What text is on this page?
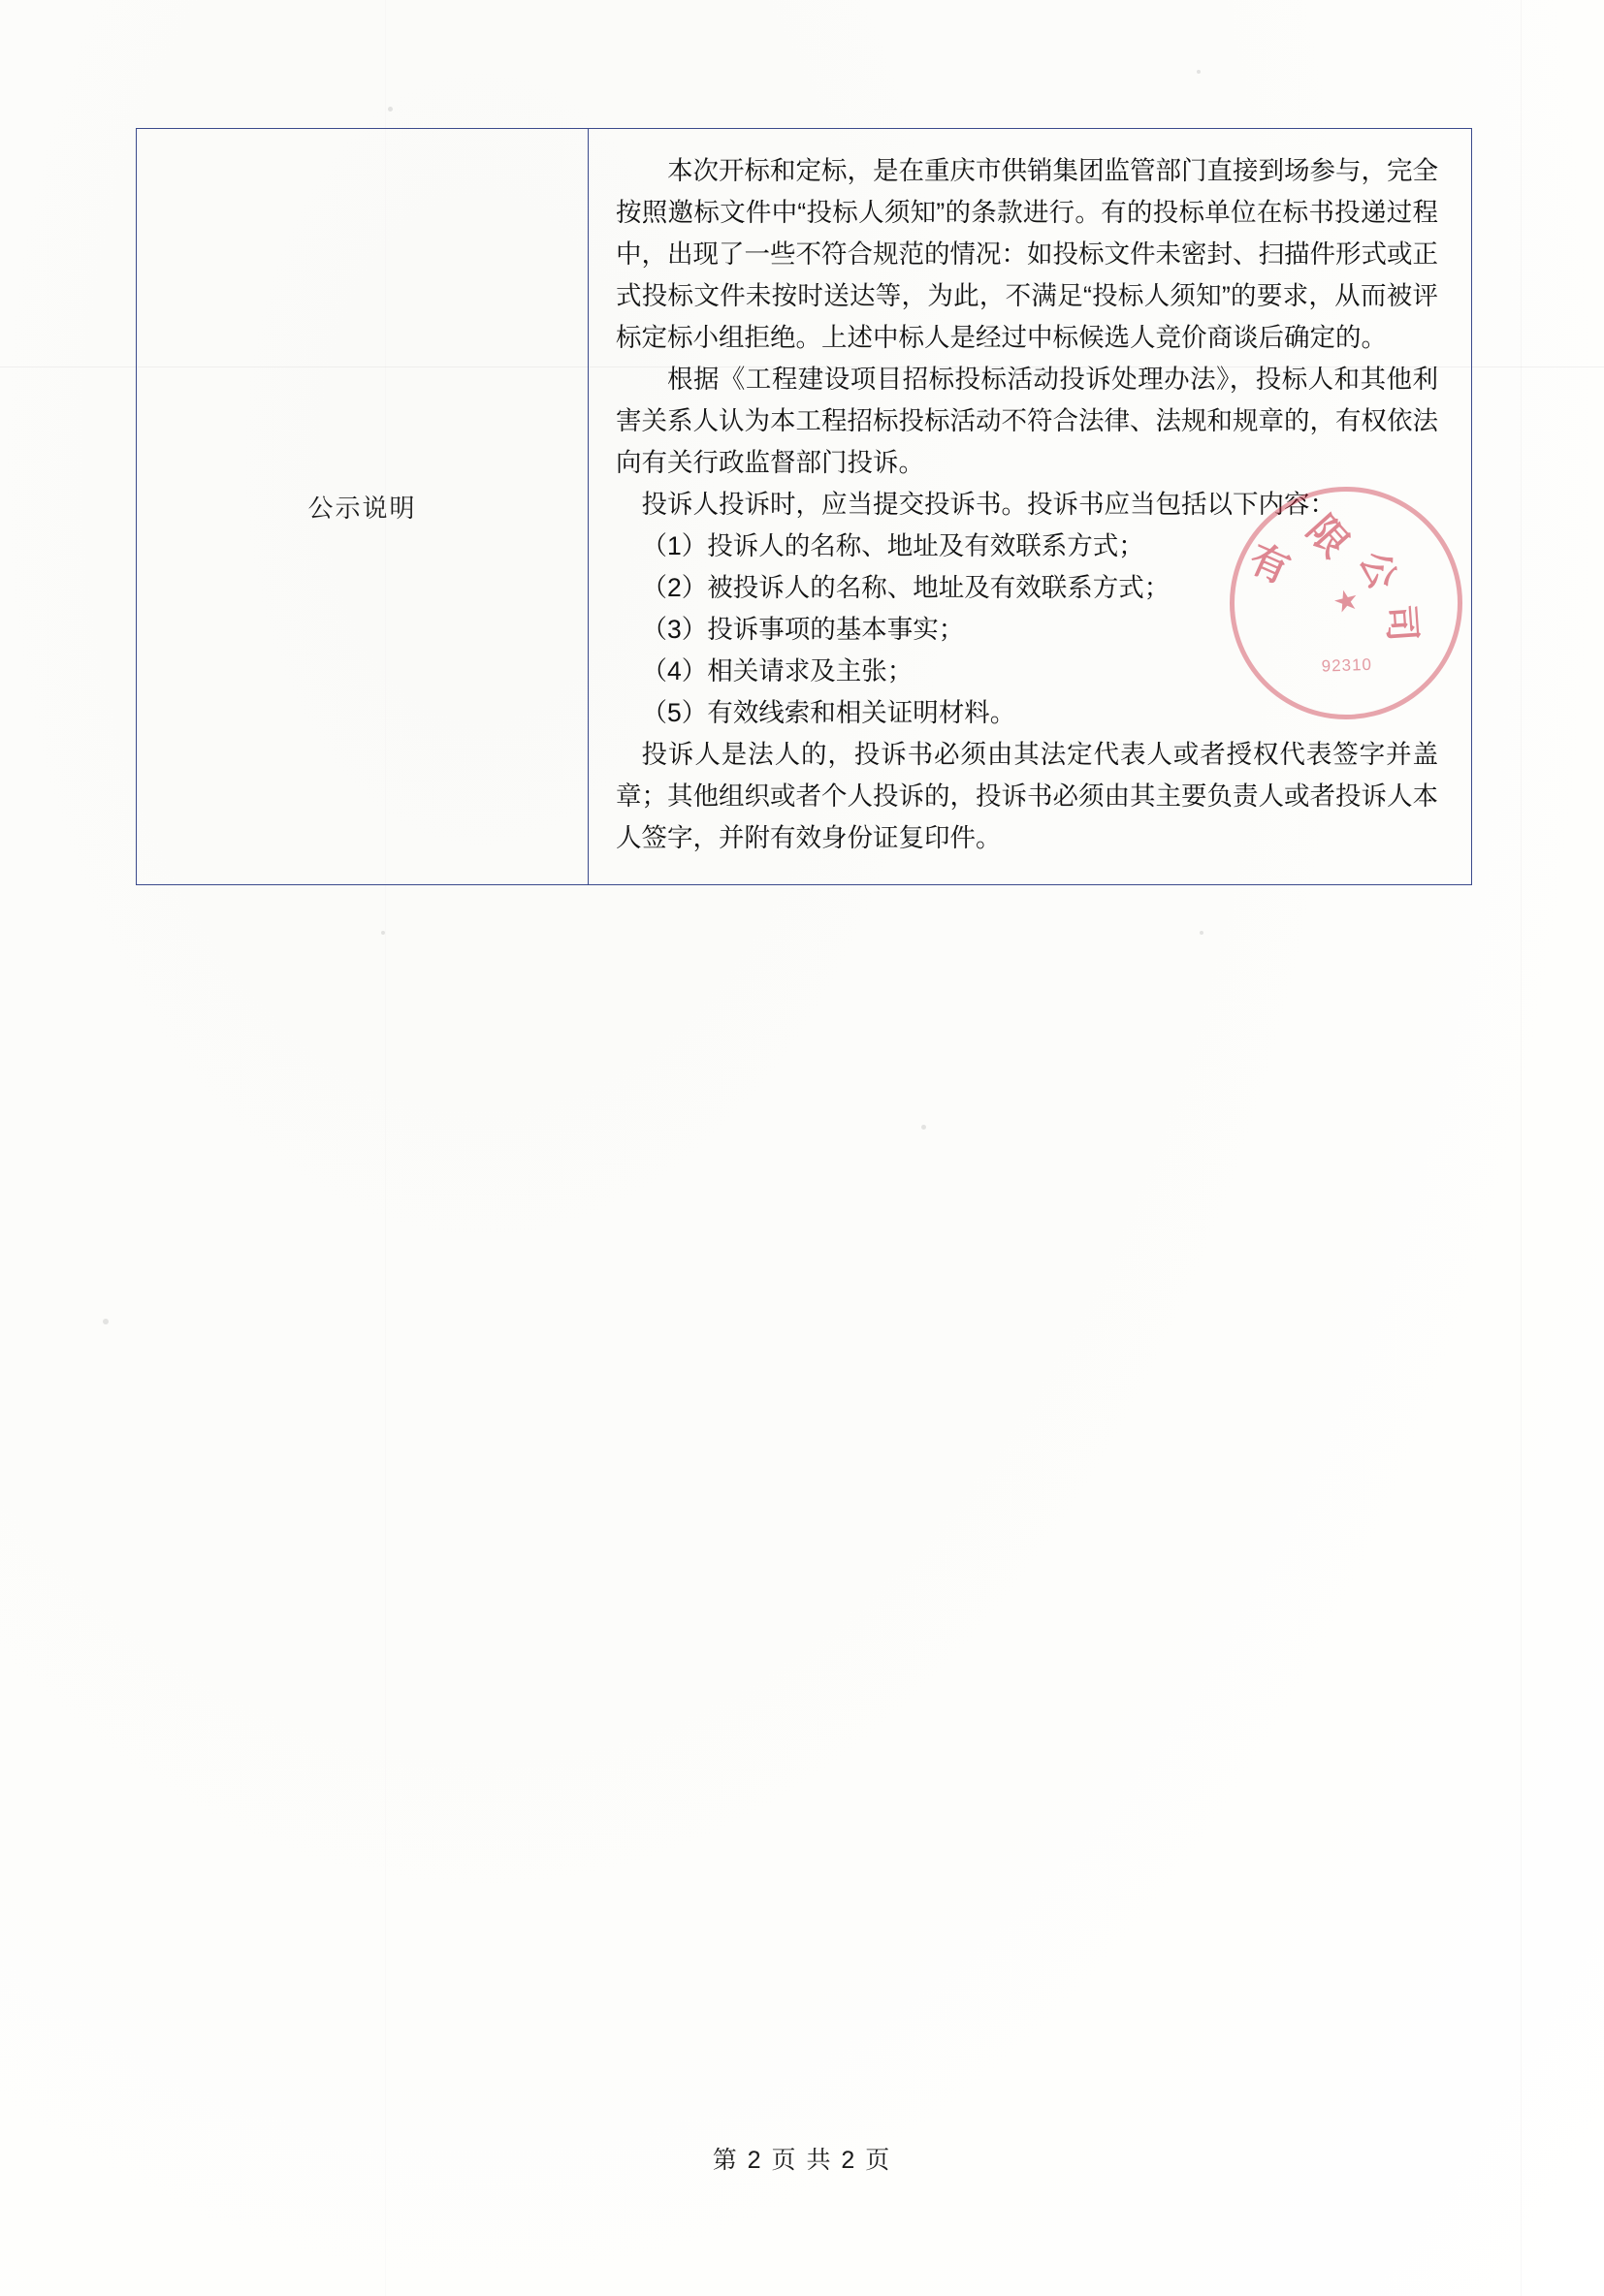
公示说明

本次开标和定标，是在重庆市供销集团监管部门直接到场参与，完全按照邀标文件中“投标人须知”的条款进行。有的投标单位在标书投递过程中，出现了一些不符合规范的情况：如投标文件未密封、扫描件形式或正式投标文件未按时送达等，为此，不满足“投标人须知”的要求，从而被评标定标小组拒绝。上述中标人是经过中标候选人竞价商谈后确定的。

根据《工程建设项目招标投标活动投诉处理办法》，投标人和其他利害关系人认为本工程招标投标活动不符合法律、法规和规章的，有权依法向有关行政监督部门投诉。

投诉人投诉时，应当提交投诉书。投诉书应当包括以下内容：

（1）投诉人的名称、地址及有效联系方式；

（2）被投诉人的名称、地址及有效联系方式；

（3）投诉事项的基本事实；

（4）相关请求及主张；

（5）有效线索和相关证明材料。

投诉人是法人的，投诉书必须由其法定代表人或者授权代表签字并盖章；其他组织或者个人投诉的，投诉书必须由其主要负责人或者投诉人本人签字，并附有效身份证复印件。

有 限
公
司
★
92310
第 2 页 共 2 页
